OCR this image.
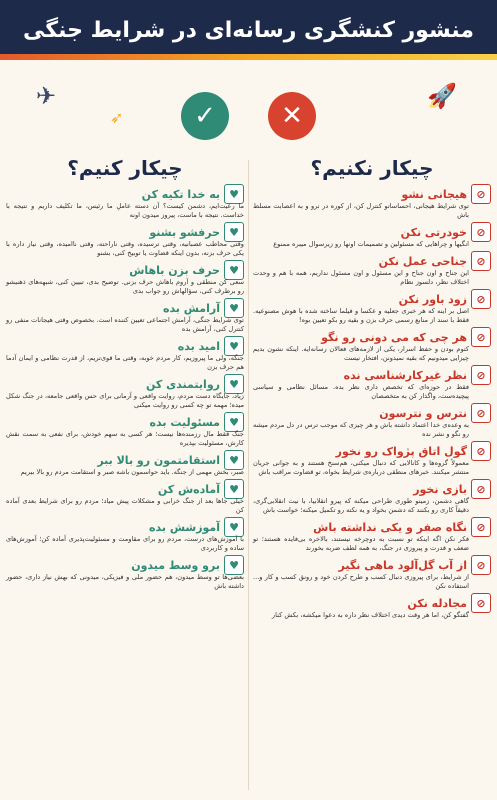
منشور کنشگری رسانه‌ای در شرایط جنگی
✈
➶
🚀
✓	✕
چیکار نکنیم؟
⊘
هیجانی نشو
توی شرایط هیجانی، احساساتو کنترل کن، از کوره در نرو و به اعصابت مسلط باش
⊘
خودرتی نکن
انگیها و چرا‌هایی که مسئولین و تصمیمات اونها رو زیرسوال میبره ممنوع
⊘
جناحی عمل نکن
این جناح و اون جناح و این مسئول و اون مسئول نداریم، همه با هم و وحدت اختلاف نظر، دلسوز نظام
⊘
زود باور نکن
اصل بر اینه که هر خبری جعلیه و عکسا و فیلما ساخته شده با هوش مصنوعیه. فقط با سند از منابع رسمی حرف بزن و بقیه رو بکو تعیین بوه!
⊘
هر چی که می دونی رو نگو
کتوم بودن و حفظ اسرار، یکی از لازمه‌های فعالان رسانه‌ایه. اینکه نشون بدیم چیزایی میدونیم که بقیه نمیدونن، افتخار نیست
⊘
نظر غیرکارشناسی نده
فقط در حوزه‌ای که تخصص داری نظر بده. مسائل نظامی و سیاسی پیچیده‌ست، واگذار کن به متخصصان
⊘
نترس و نترسون
به وعده‌ی خدا اعتماد داشته باش و هر چیزی که موجب ترس در دل مردم میشه رو نگو و نشر نده
⊘
گول اتاق پژواک رو نخور
معمولاً گروه‌ها و کانالایی که دنبال میکنی، هم‌سنخ هستند و به جوانی جریان منتشر میکنند. خبرهای منطقی درباره‌ی شرایط بخواه، تو قضاوت مراقب باش
⊘
بازی نخور
گاهی دشمن، زمینو طوری طراحی میکنه که پیرو انقلابیا، با نیت انقلابی‌گری، دقیقاً کاری رو بکنند که دشمن بخواد و یه نکته رو تکمیل میکنه؛ خواست باش
⊘
نگاه صفر و یکی نداشته باش
فکر نکن اگه اینکه تو نسبت به دوچرخه نیستند، بالاخره بی‌فایده هستند؛ تو ضعف و قدرت و پیروزی در جنگ، به همه لطف ضربه بخورند
⊘
از آب گل‌آلود ماهی نگیر
از شرایط، برای پیروزی دنبال کسب و طرح کردن خود و رونق کسب و کار و... استفاده نکن
⊘
مجادله نکن
گفتگو کن، اما هر وقت دیدی اختلاف نظر داره به دعوا میکشه، بکش کنار
چیکار کنیم؟
♥
به خدا تکیه کن
ما رعیت‌ایم، دشمن کیست؟ آن دسته عاملِ ما رئیس، ما تکلیف داریم و نتیجه با خداست. نتیجه با ماست، پیروز میدون اونه
♥
حرفشو بشنو
وقتی محاطب عصبانیه، وقتی ترسیده، وقتی ناراحته، وقتی ناامیده، وقتی نیاز داره با یکی حرف بزنه، بدون اینکه قضاوت یا توبیخ کنی، بشنو
♥
حرف بزن باهاش
سعی کن منطقی و آروم باهاش حرف بزنی. توضیح بدی، تبیین کنی، شبهه‌های ذهنیشو رو برطرف کنی، سؤالهاش رو جواب بدی
♥
آرامش بده
توی شرایط جنگی، آرامش اجتماعی تعیین کننده است. بخصوص وقتی هیجانات منفی رو کنترل کنی، آرامش بده
♥
امید بده
جنگه، ولی ما پیروزیم، کار مردم خوبه، وقتی ما قوی‌تریم، از قدرت نظامی و ایمان آدما هم حرف بزن
♥
روایتمندی کن
زیاد، جایگاه دست مردم، روایت واقعی و آرمانی برای حس واقعی جامعه، در جنگ شکل میده؛ مهمه تو چه کسی رو روایت میکنی
♥
مسئولیت بده
جنگ فقط مال رزمنده‌ها نیست؛ هر کسی به سهم خودش، برای نفعی به سمت نقش کارش، مسئولیت بپذیره
♥
استقامتمون رو بالا ببر
صبر، بخش مهمی از جنگه. باید حواسمون باشه صبر و استقامت مردم رو بالا ببریم
♥
آماده‌ش کن
خیلی جاها بعد از جنگ خرابی و مشکلات پیش میاد؛ مردم رو برای شرایط بعدی آماده کن
♥
آموزشش بده
با آموزش‌های درست، مردم رو برای مقاومت و مسئولیت‌پذیری آماده کن؛ آموزش‌های ساده و کاربردی
♥
برو وسط میدون
بعضی‌ها تو وسط میدون، هم حضور ملی و فیزیکی، میدونی که بهش نیاز داری، حضور داشته باش
